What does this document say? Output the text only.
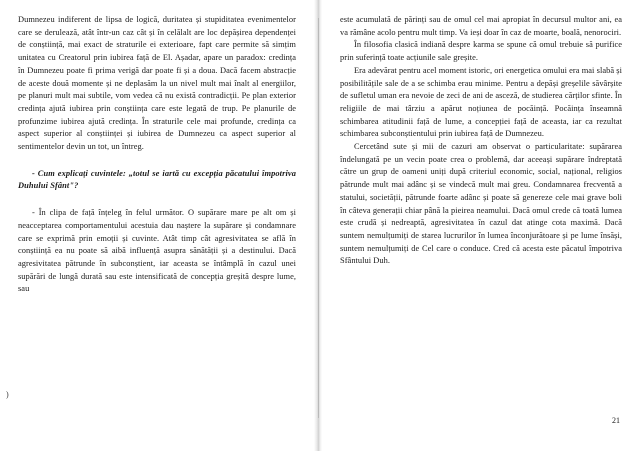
Dumnezeu indiferent de lipsa de logică, duritatea și stupiditatea evenimentelor care se derulează, atât într-un caz cât și în celălalt are loc depășirea dependenței de conștiință, mai exact de straturile ei exterioare, fapt care permite să simțim unitatea cu Creatorul prin iubirea față de El. Așadar, apare un paradox: credința în Dumnezeu poate fi prima verigă dar poate fi și a doua. Dacă facem abstracție de aceste două momente și ne deplasăm la un nivel mult mai înalt al energiilor, pe planuri mult mai subtile, vom vedea că nu există contradicții. Pe plan exterior credința ajută iubirea prin conștiința care este legată de trup. Pe planurile de profunzime iubirea ajută credința. În straturile cele mai profunde, credința ca aspect superior al conștiinței și iubirea de Dumnezeu ca aspect superior al sentimentelor devin un tot, un întreg.

- Cum explicați cuvintele: „totul se iartă cu excepția păcatului împotriva Duhului Sfânt"?

- În clipa de față înțeleg în felul următor. O supărare mare pe alt om și neacceptarea comportamentului acestuia dau naștere la supărare și condamnare care se exprimă prin emoții și cuvinte. Atât timp cât agresivitatea se află în conștiință ea nu poate să aibă influență asupra sănătății și a destinului. Dacă agresivitatea pătrunde în subconștient, iar aceasta se întâmplă în cazul unei supărări de lungă durată sau este intensificată de concepția greșită despre lume, sau

)

este acumulată de părinți sau de omul cel mai apropiat în decursul multor ani, ea va rămâne acolo pentru mult timp. Va ieși doar în caz de moarte, boală, nenorociri.

În filosofia clasică indiană despre karma se spune că omul trebuie să purifice prin suferință toate acțiunile sale greșite.

Era adevărat pentru acel moment istoric, ori energetica omului era mai slabă și posibilitățile sale de a se schimba erau minime. Pentru a depăși greșelile săvârșite de sufletul uman era nevoie de zeci de ani de asceză, de studierea cărților sfinte. În religiile de mai târziu a apărut noțiunea de pocăință. Pocăința înseamnă schimbarea atitudinii față de lume, a concepției față de aceasta, iar ca rezultat schimbarea subconștientului prin iubirea față de Dumnezeu.

Cercetând sute și mii de cazuri am observat o particularitate: supărarea îndelungată pe un vecin poate crea o problemă, dar aceeași supărare îndreptată către un grup de oameni uniți după criteriul economic, social, național, religios pătrunde mult mai adânc și se vindecă mult mai greu. Condamnarea frecventă a statului, societății, pătrunde foarte adânc și poate să genereze cele mai grave boli în câteva generații chiar până la pieirea neamului. Dacă omul crede că toată lumea este crudă și nedreaptă, agresivitatea în cazul dat atinge cota maximă. Dacă suntem nemulțumiți de starea lucrurilor în lumea înconjurătoare și pe lume însăși, suntem nemulțumiți de Cel care o conduce. Cred că acesta este păcatul împotriva Sfântului Duh.

21
